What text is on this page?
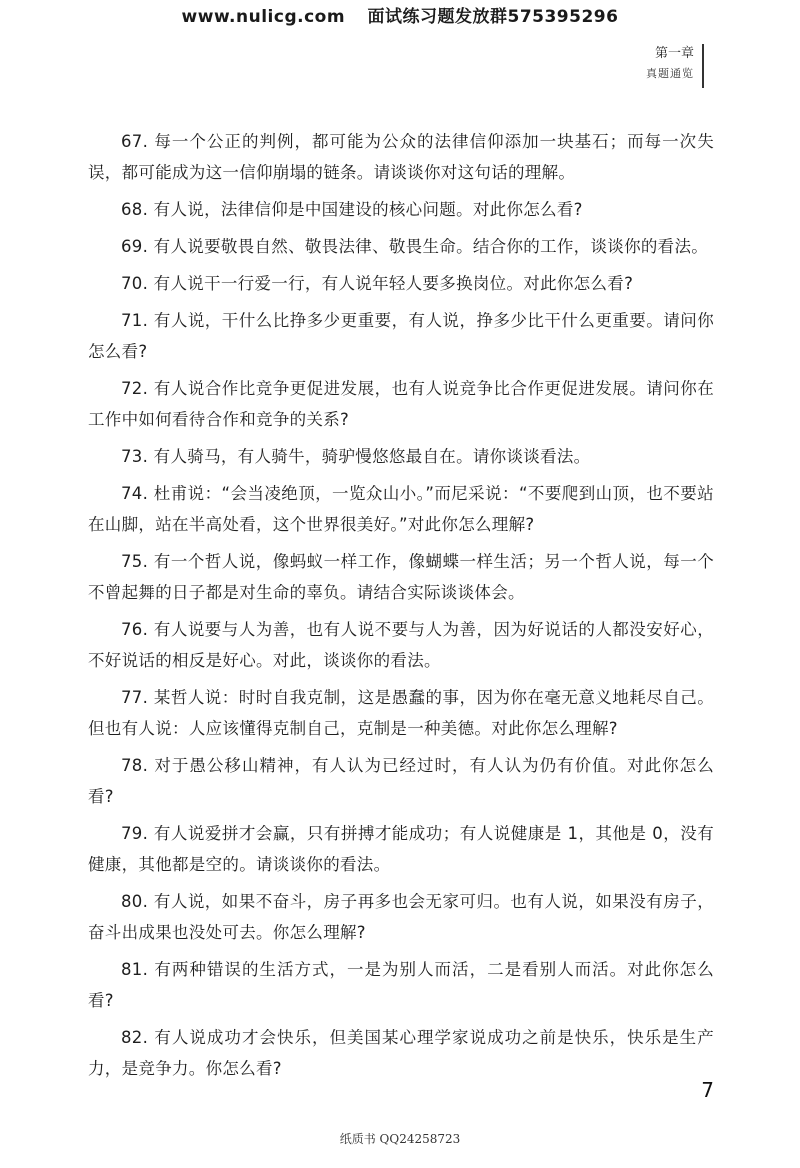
www.nulicg.com 面试练习题发放群575395296
第一章
真题通览

67. 每一个公正的判例，都可能为公众的法律信仰添加一块基石；而每一次失误，都可能成为这一信仰崩塌的链条。请谈谈你对这句话的理解。

68. 有人说，法律信仰是中国建设的核心问题。对此你怎么看?

69. 有人说要敬畏自然、敬畏法律、敬畏生命。结合你的工作，谈谈你的看法。

70. 有人说干一行爱一行，有人说年轻人要多换岗位。对此你怎么看?

71. 有人说，干什么比挣多少更重要，有人说，挣多少比干什么更重要。请问你怎么看?

72. 有人说合作比竞争更促进发展，也有人说竞争比合作更促进发展。请问你在工作中如何看待合作和竞争的关系?

73. 有人骑马，有人骑牛，骑驴慢悠悠最自在。请你谈谈看法。

74. 杜甫说：“会当凌绝顶，一览众山小。”而尼采说：“不要爬到山顶，也不要站在山脚，站在半高处看，这个世界很美好。”对此你怎么理解?

75. 有一个哲人说，像蚂蚁一样工作，像蝴蝶一样生活；另一个哲人说，每一个不曾起舞的日子都是对生命的辜负。请结合实际谈谈体会。

76. 有人说要与人为善，也有人说不要与人为善，因为好说话的人都没安好心，不好说话的相反是好心。对此，谈谈你的看法。

77. 某哲人说：时时自我克制，这是愚蠢的事，因为你在毫无意义地耗尽自己。但也有人说：人应该懂得克制自己，克制是一种美德。对此你怎么理解?

78. 对于愚公移山精神，有人认为已经过时，有人认为仍有价值。对此你怎么看?

79. 有人说爱拼才会赢，只有拼搏才能成功；有人说健康是 1，其他是 0，没有健康，其他都是空的。请谈谈你的看法。

80. 有人说，如果不奋斗，房子再多也会无家可归。也有人说，如果没有房子，奋斗出成果也没处可去。你怎么理解?

81. 有两种错误的生活方式，一是为别人而活，二是看别人而活。对此你怎么看?

82. 有人说成功才会快乐，但美国某心理学家说成功之前是快乐，快乐是生产力，是竞争力。你怎么看?

7
纸质书 QQ24258723
